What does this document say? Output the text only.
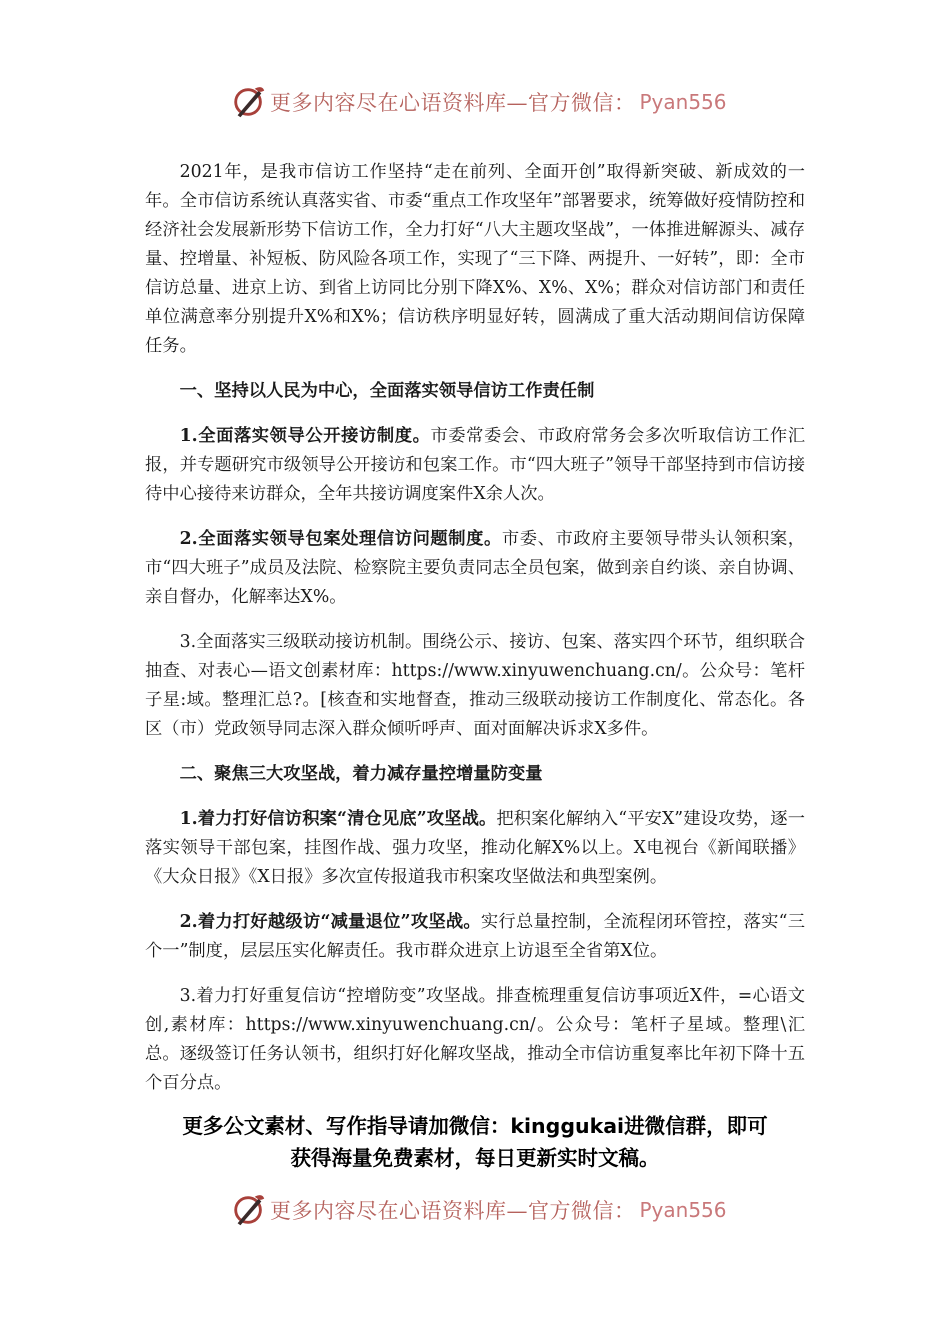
更多内容尽在心语资料库—官方微信： Pyan556

2021年，是我市信访工作坚持“走在前列、全面开创”取得新突破、新成效的一年。全市信访系统认真落实省、市委“重点工作攻坚年”部署要求，统筹做好疫情防控和经济社会发展新形势下信访工作，全力打好“八大主题攻坚战”，一体推进解源头、减存量、控增量、补短板、防风险各项工作，实现了“三下降、两提升、一好转”，即：全市信访总量、进京上访、到省上访同比分别下降X%、X%、X%；群众对信访部门和责任单位满意率分别提升X%和X%；信访秩序明显好转，圆满成了重大活动期间信访保障任务。

一、坚持以人民为中心，全面落实领导信访工作责任制

1.全面落实领导公开接访制度。市委常委会、市政府常务会多次听取信访工作汇报，并专题研究市级领导公开接访和包案工作。市“四大班子”领导干部坚持到市信访接待中心接待来访群众，全年共接访调度案件X余人次。

2.全面落实领导包案处理信访问题制度。市委、市政府主要领导带头认领积案，市“四大班子”成员及法院、检察院主要负责同志全员包案，做到亲自约谈、亲自协调、亲自督办，化解率达X%。

3.全面落实三级联动接访机制。围绕公示、接访、包案、落实四个环节，组织联合抽查、对表心—语文创素材库：https://www.xinyuwenchuang.cn/。公众号：笔杆子星:域。整理汇总?。[核查和实地督查，推动三级联动接访工作制度化、常态化。各区（市）党政领导同志深入群众倾听呼声、面对面解决诉求X多件。

二、聚焦三大攻坚战，着力减存量控增量防变量

1.着力打好信访积案“清仓见底”攻坚战。把积案化解纳入“平安X”建设攻势，逐一落实领导干部包案，挂图作战、强力攻坚，推动化解X%以上。X电视台《新闻联播》《大众日报》《X日报》多次宣传报道我市积案攻坚做法和典型案例。

2.着力打好越级访“减量退位”攻坚战。实行总量控制，全流程闭环管控，落实“三个一”制度，层层压实化解责任。我市群众进京上访退至全省第X位。

3.着力打好重复信访“控增防变”攻坚战。排查梳理重复信访事项近X件，=心语文创,素材库：https://www.xinyuwenchuang.cn/。公众号：笔杆子星域。整理\汇总。逐级签订任务认领书，组织打好化解攻坚战，推动全市信访重复率比年初下降十五个百分点。

更多公文素材、写作指导请加微信：kinggukai进微信群，即可
获得海量免费素材，每日更新实时文稿。
更多内容尽在心语资料库—官方微信： Pyan556
